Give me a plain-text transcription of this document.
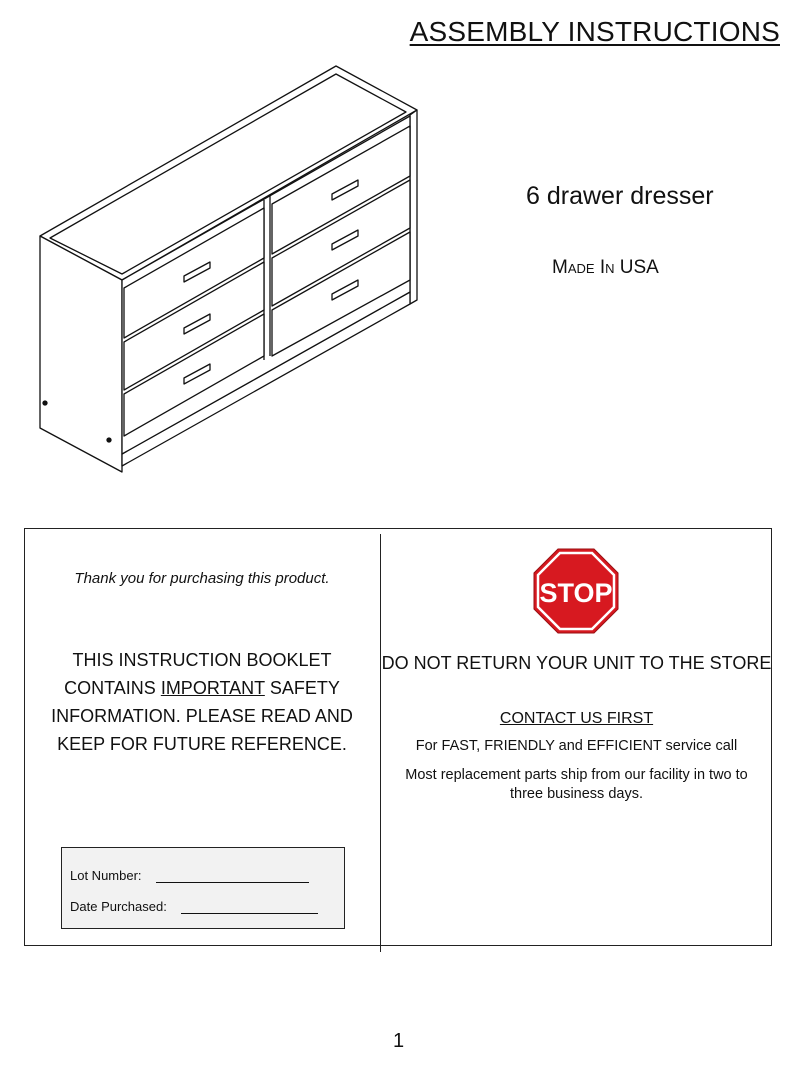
ASSEMBLY INSTRUCTIONS
6 drawer dresser
Made In USA
Thank you for purchasing this product.
THIS INSTRUCTION BOOKLET CONTAINS IMPORTANT SAFETY INFORMATION. PLEASE READ AND KEEP FOR FUTURE REFERENCE.
Lot Number:
Date Purchased:
STOP
DO NOT RETURN YOUR UNIT TO THE STORE
CONTACT US FIRST
For FAST, FRIENDLY and EFFICIENT service call
Most replacement parts ship from our facility in two to three business days.
1
